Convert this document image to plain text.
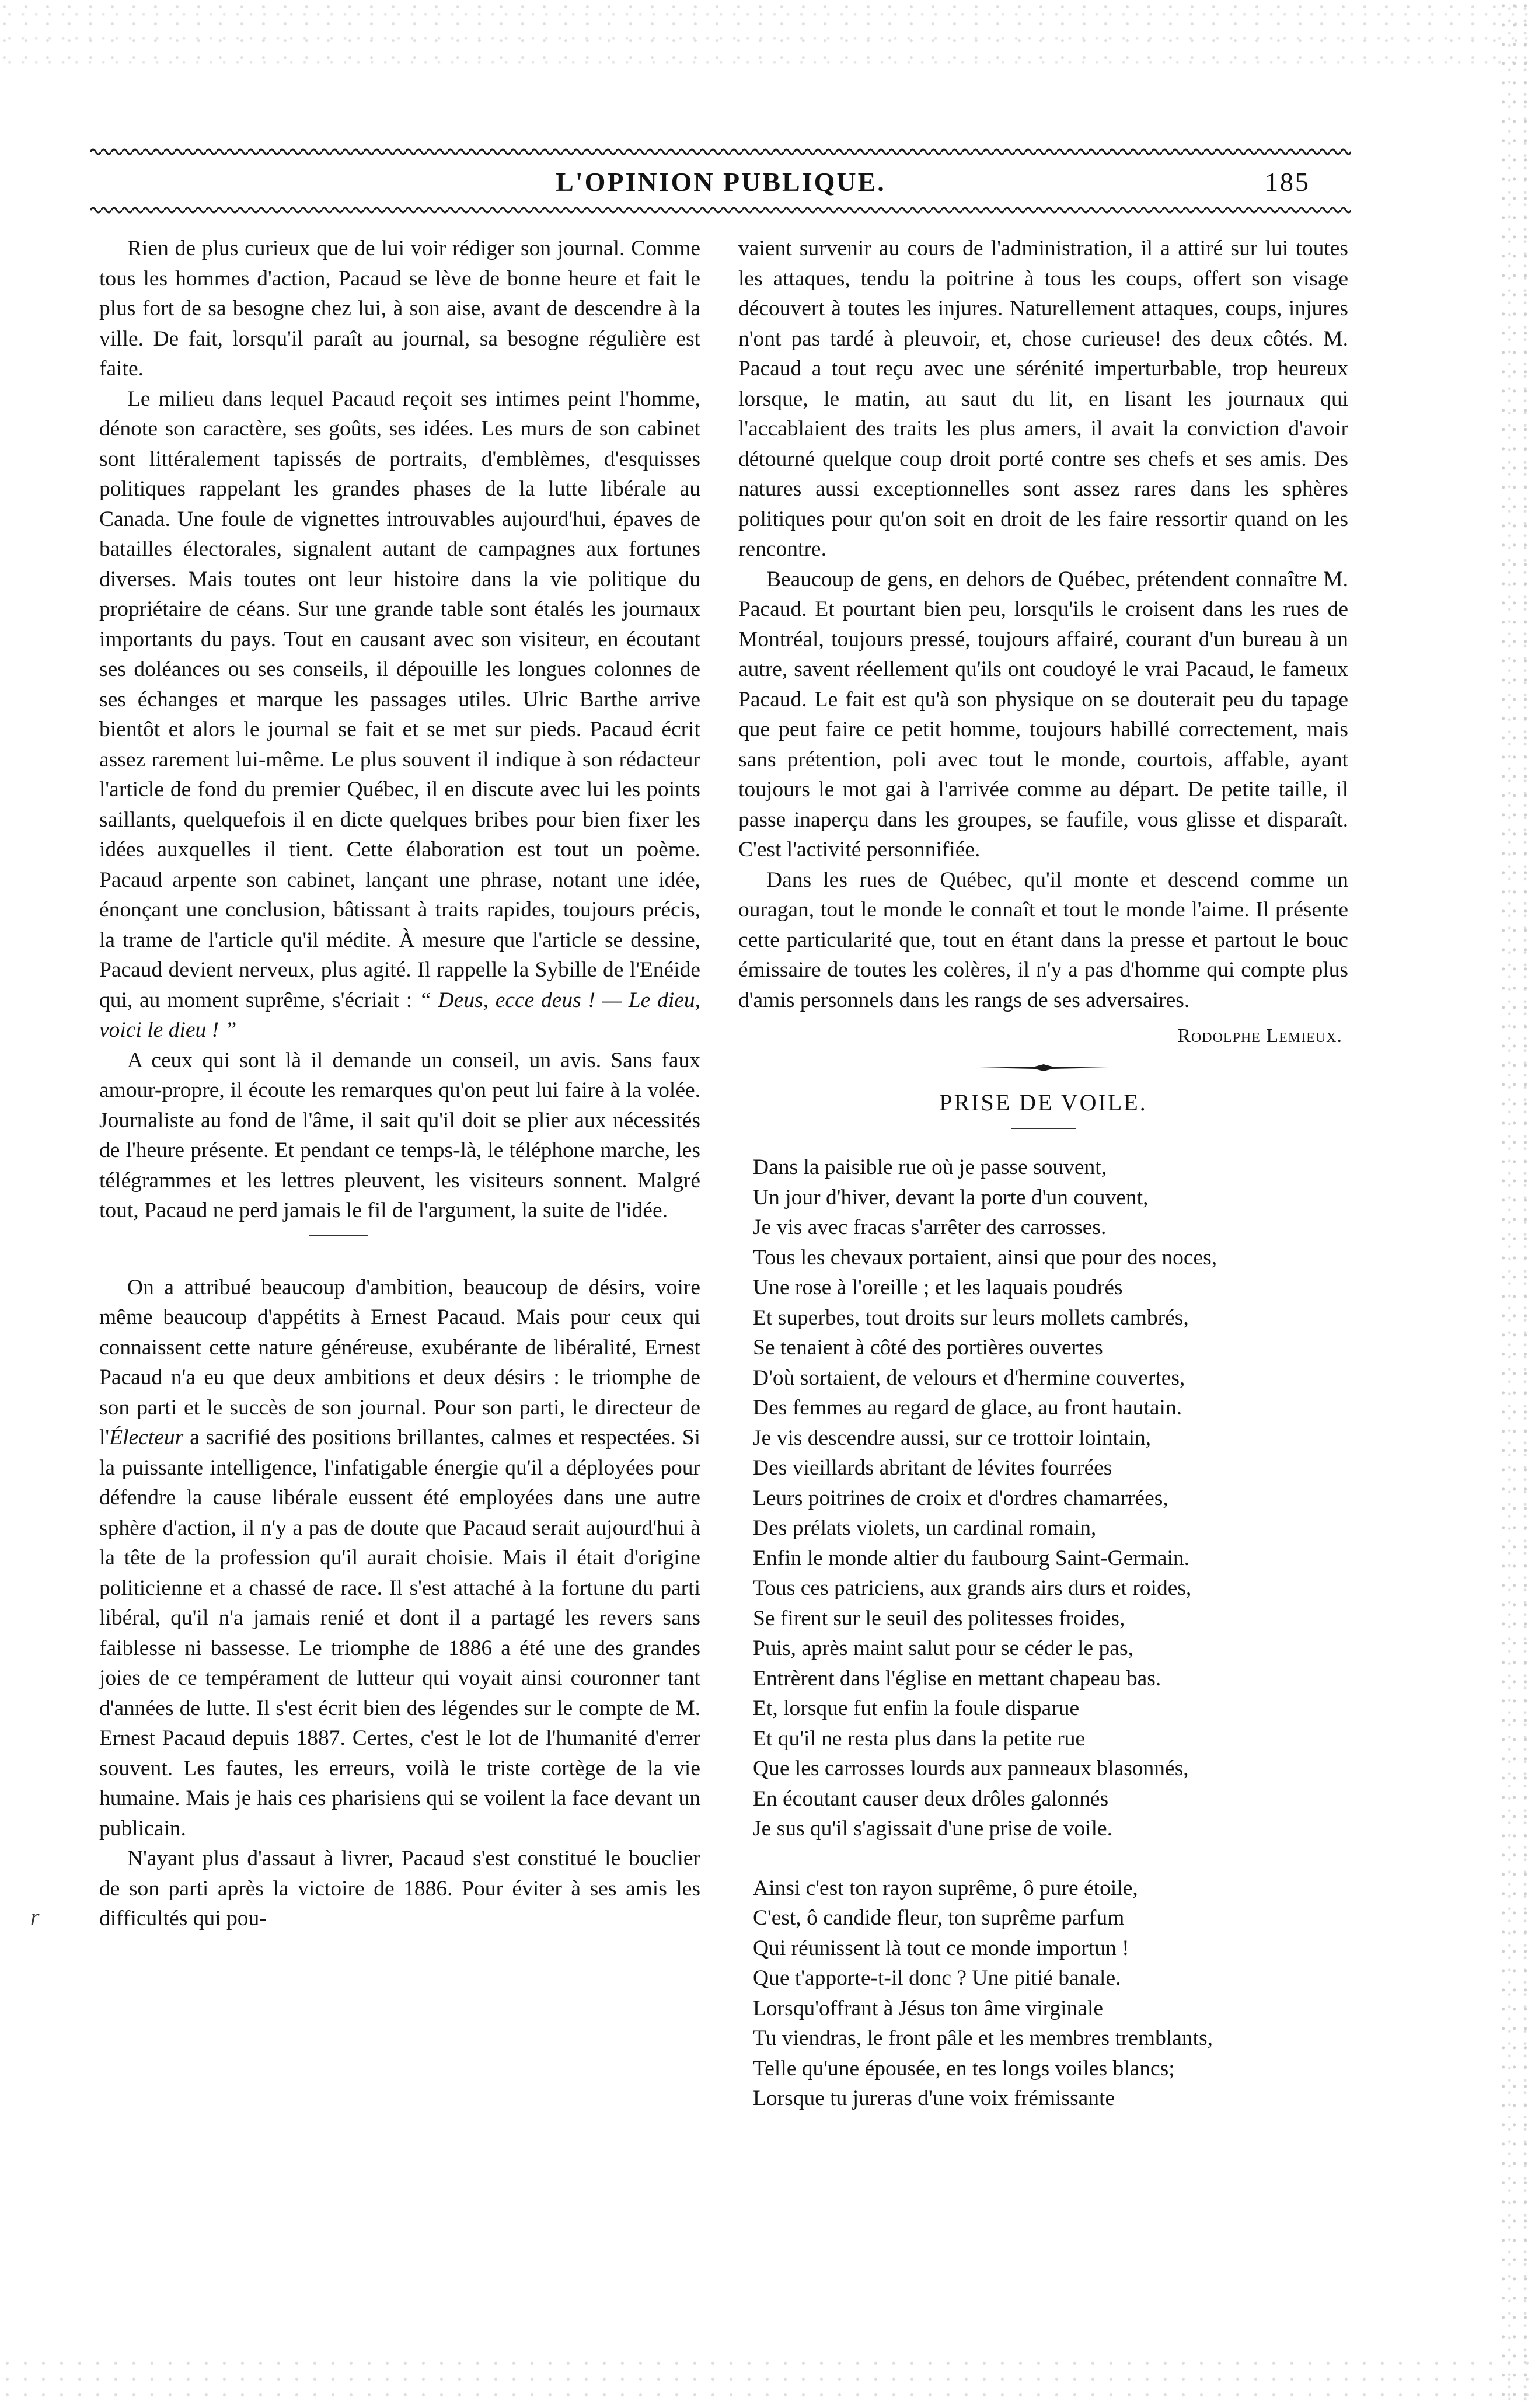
L'OPINION PUBLIQUE.	185
r

Rien de plus curieux que de lui voir rédiger son journal. Comme tous les hommes d'action, Pacaud se lève de bonne heure et fait le plus fort de sa besogne chez lui, à son aise, avant de descendre à la ville. De fait, lorsqu'il paraît au journal, sa besogne régulière est faite.

Le milieu dans lequel Pacaud reçoit ses intimes peint l'homme, dénote son caractère, ses goûts, ses idées. Les murs de son cabinet sont littéralement tapissés de portraits, d'emblèmes, d'esquisses politiques rappelant les grandes phases de la lutte libérale au Canada. Une foule de vignettes introuvables aujourd'hui, épaves de batailles électorales, signalent autant de campagnes aux fortunes diverses. Mais toutes ont leur histoire dans la vie politique du propriétaire de céans. Sur une grande table sont étalés les journaux importants du pays. Tout en causant avec son visiteur, en écoutant ses doléances ou ses conseils, il dépouille les longues colonnes de ses échanges et marque les passages utiles. Ulric Barthe arrive bientôt et alors le journal se fait et se met sur pieds. Pacaud écrit assez rarement lui-même. Le plus souvent il indique à son rédacteur l'article de fond du premier Québec, il en discute avec lui les points saillants, quelquefois il en dicte quelques bribes pour bien fixer les idées auxquelles il tient. Cette élaboration est tout un poème. Pacaud arpente son cabinet, lançant une phrase, notant une idée, énonçant une conclusion, bâtissant à traits rapides, toujours précis, la trame de l'article qu'il médite. À mesure que l'article se dessine, Pacaud devient nerveux, plus agité. Il rappelle la Sybille de l'Enéide qui, au moment suprême, s'écriait : “ Deus, ecce deus ! — Le dieu, voici le dieu ! ”

A ceux qui sont là il demande un conseil, un avis. Sans faux amour-propre, il écoute les remarques qu'on peut lui faire à la volée. Journaliste au fond de l'âme, il sait qu'il doit se plier aux nécessités de l'heure présente. Et pendant ce temps-là, le téléphone marche, les télégrammes et les lettres pleuvent, les visiteurs sonnent. Malgré tout, Pacaud ne perd jamais le fil de l'argument, la suite de l'idée.

On a attribué beaucoup d'ambition, beaucoup de désirs, voire même beaucoup d'appétits à Ernest Pacaud. Mais pour ceux qui connaissent cette nature généreuse, exubérante de libéralité, Ernest Pacaud n'a eu que deux ambitions et deux désirs : le triomphe de son parti et le succès de son journal. Pour son parti, le directeur de l'Électeur a sacrifié des positions brillantes, calmes et respectées. Si la puissante intelligence, l'infatigable énergie qu'il a déployées pour défendre la cause libérale eussent été employées dans une autre sphère d'action, il n'y a pas de doute que Pacaud serait aujourd'hui à la tête de la profession qu'il aurait choisie. Mais il était d'origine politicienne et a chassé de race. Il s'est attaché à la fortune du parti libéral, qu'il n'a jamais renié et dont il a partagé les revers sans faiblesse ni bassesse. Le triomphe de 1886 a été une des grandes joies de ce tempérament de lutteur qui voyait ainsi couronner tant d'années de lutte. Il s'est écrit bien des légendes sur le compte de M. Ernest Pacaud depuis 1887. Certes, c'est le lot de l'humanité d'errer souvent. Les fautes, les erreurs, voilà le triste cortège de la vie humaine. Mais je hais ces pharisiens qui se voilent la face devant un publicain.

N'ayant plus d'assaut à livrer, Pacaud s'est constitué le bouclier de son parti après la victoire de 1886. Pour éviter à ses amis les difficultés qui pou-

vaient survenir au cours de l'administration, il a attiré sur lui toutes les attaques, tendu la poitrine à tous les coups, offert son visage découvert à toutes les injures. Naturellement attaques, coups, injures n'ont pas tardé à pleuvoir, et, chose curieuse! des deux côtés. M. Pacaud a tout reçu avec une sérénité imperturbable, trop heureux lorsque, le matin, au saut du lit, en lisant les journaux qui l'accablaient des traits les plus amers, il avait la conviction d'avoir détourné quelque coup droit porté contre ses chefs et ses amis. Des natures aussi exceptionnelles sont assez rares dans les sphères politiques pour qu'on soit en droit de les faire ressortir quand on les rencontre.

Beaucoup de gens, en dehors de Québec, prétendent connaître M. Pacaud. Et pourtant bien peu, lorsqu'ils le croisent dans les rues de Montréal, toujours pressé, toujours affairé, courant d'un bureau à un autre, savent réellement qu'ils ont coudoyé le vrai Pacaud, le fameux Pacaud. Le fait est qu'à son physique on se douterait peu du tapage que peut faire ce petit homme, toujours habillé correctement, mais sans prétention, poli avec tout le monde, courtois, affable, ayant toujours le mot gai à l'arrivée comme au départ. De petite taille, il passe inaperçu dans les groupes, se faufile, vous glisse et disparaît. C'est l'activité personnifiée.

Dans les rues de Québec, qu'il monte et descend comme un ouragan, tout le monde le connaît et tout le monde l'aime. Il présente cette particularité que, tout en étant dans la presse et partout le bouc émissaire de toutes les colères, il n'y a pas d'homme qui compte plus d'amis personnels dans les rangs de ses adversaires.

Rodolphe Lemieux.

PRISE DE VOILE.

Dans la paisible rue où je passe souvent,
Un jour d'hiver, devant la porte d'un couvent,
Je vis avec fracas s'arrêter des carrosses.
Tous les chevaux portaient, ainsi que pour des noces,
Une rose à l'oreille ; et les laquais poudrés
Et superbes, tout droits sur leurs mollets cambrés,
Se tenaient à côté des portières ouvertes
D'où sortaient, de velours et d'hermine couvertes,
Des femmes au regard de glace, au front hautain.
Je vis descendre aussi, sur ce trottoir lointain,
Des vieillards abritant de lévites fourrées
Leurs poitrines de croix et d'ordres chamarrées,
Des prélats violets, un cardinal romain,
Enfin le monde altier du faubourg Saint-Germain.
Tous ces patriciens, aux grands airs durs et roides,
Se firent sur le seuil des politesses froides,
Puis, après maint salut pour se céder le pas,
Entrèrent dans l'église en mettant chapeau bas.
Et, lorsque fut enfin la foule disparue
Et qu'il ne resta plus dans la petite rue
Que les carrosses lourds aux panneaux blasonnés,
En écoutant causer deux drôles galonnés
Je sus qu'il s'agissait d'une prise de voile.
Ainsi c'est ton rayon suprême, ô pure étoile,
C'est, ô candide fleur, ton suprême parfum
Qui réunissent là tout ce monde importun !
Que t'apporte-t-il donc ? Une pitié banale.
Lorsqu'offrant à Jésus ton âme virginale
Tu viendras, le front pâle et les membres tremblants,
Telle qu'une épousée, en tes longs voiles blancs;
Lorsque tu jureras d'une voix frémissante
